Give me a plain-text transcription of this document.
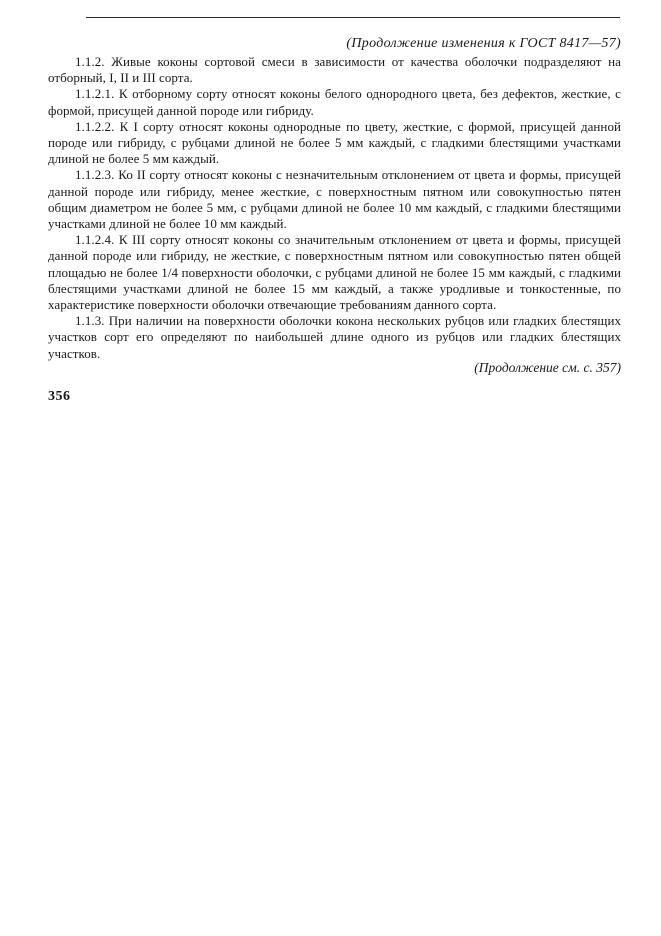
(Продолжение изменения к ГОСТ 8417—57)

1.1.2. Живые коконы сортовой смеси в зависимости от качества оболочки подразделяют на отборный, I, II и III сорта.

1.1.2.1. К отборному сорту относят коконы белого однородного цвета, без дефектов, жесткие, с формой, присущей данной породе или гибриду.

1.1.2.2. К I сорту относят коконы однородные по цвету, жесткие, с формой, присущей данной породе или гибриду, с рубцами длиной не более 5 мм каждый, с гладкими блестящими участками длиной не более 5 мм каждый.

1.1.2.3. Ко II сорту относят коконы с незначительным отклонением от цвета и формы, присущей данной породе или гибриду, менее жесткие, с поверхностным пятном или совокупностью пятен общим диаметром не более 5 мм, с рубцами длиной не более 10 мм каждый, с гладкими блестящими участками длиной не более 10 мм каждый.

1.1.2.4. К III сорту относят коконы со значительным отклонением от цвета и формы, присущей данной породе или гибриду, не жесткие, с поверхностным пятном или совокупностью пятен общей площадью не более 1/4 поверхности оболочки, с рубцами длиной не более 15 мм каждый, с гладкими блестящими участками длиной не более 15 мм каждый, а также уродливые и тонкостенные, по характеристике поверхности оболочки отвечающие требованиям данного сорта.

1.1.3. При наличии на поверхности оболочки кокона нескольких рубцов или гладких блестящих участков сорт его определяют по наибольшей длине одного из рубцов или гладких блестящих участков.

(Продолжение см. с. 357)
356
